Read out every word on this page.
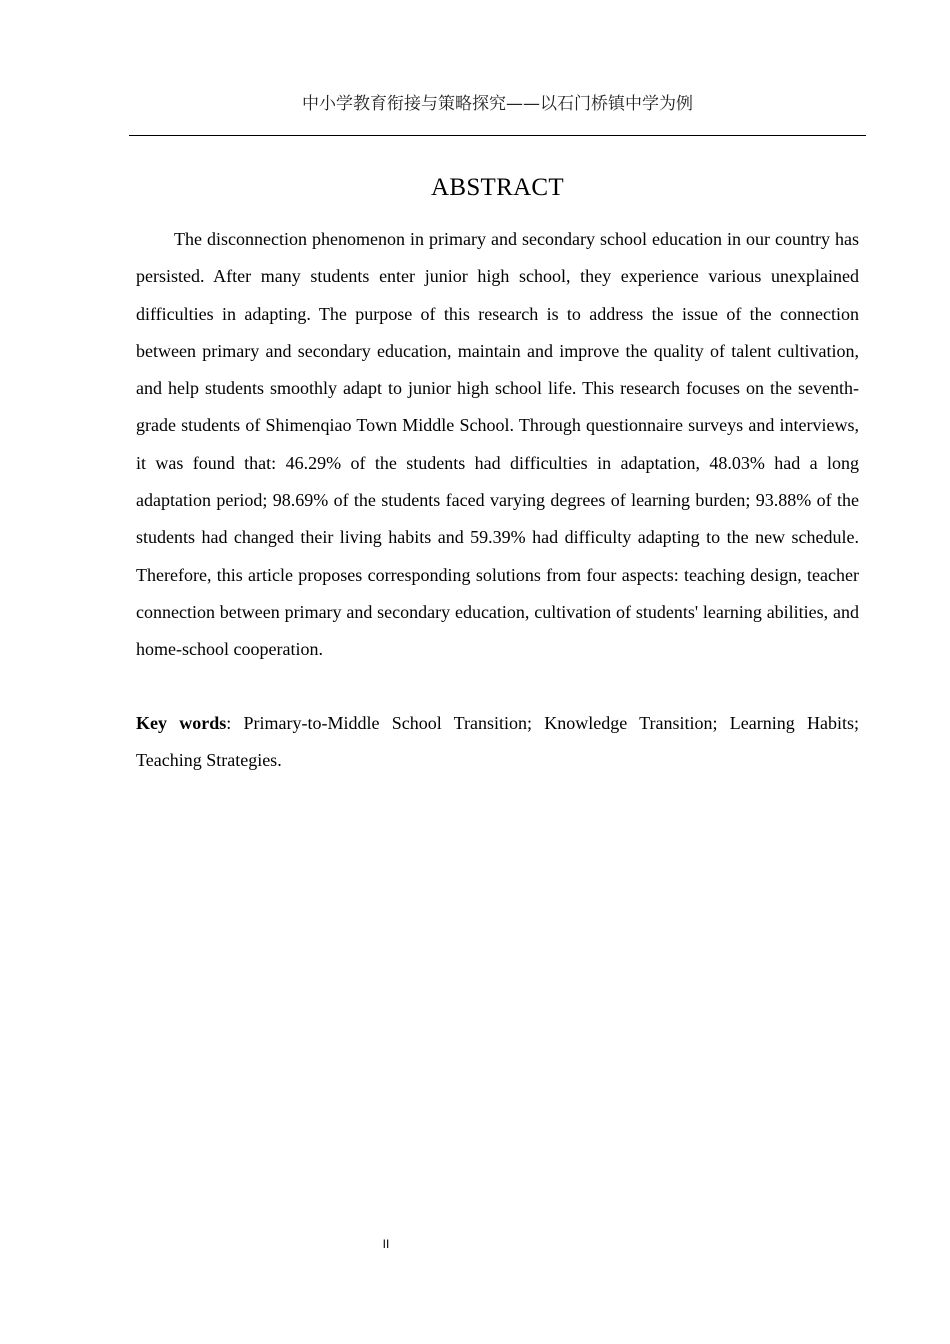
中小学教育衔接与策略探究——以石门桥镇中学为例
ABSTRACT

The disconnection phenomenon in primary and secondary school education in our country has persisted. After many students enter junior high school, they experience various unexplained difficulties in adapting. The purpose of this research is to address the issue of the connection between primary and secondary education, maintain and improve the quality of talent cultivation, and help students smoothly adapt to junior high school life. This research focuses on the seventh-grade students of Shimenqiao Town Middle School. Through questionnaire surveys and interviews, it was found that: 46.29% of the students had difficulties in adaptation, 48.03% had a long adaptation period; 98.69% of the students faced varying degrees of learning burden; 93.88% of the students had changed their living habits and 59.39% had difficulty adapting to the new schedule. Therefore, this article proposes corresponding solutions from four aspects: teaching design, teacher connection between primary and secondary education, cultivation of students' learning abilities, and home-school cooperation.

Key words: Primary-to-Middle School Transition; Knowledge Transition; Learning Habits; Teaching Strategies.

II
